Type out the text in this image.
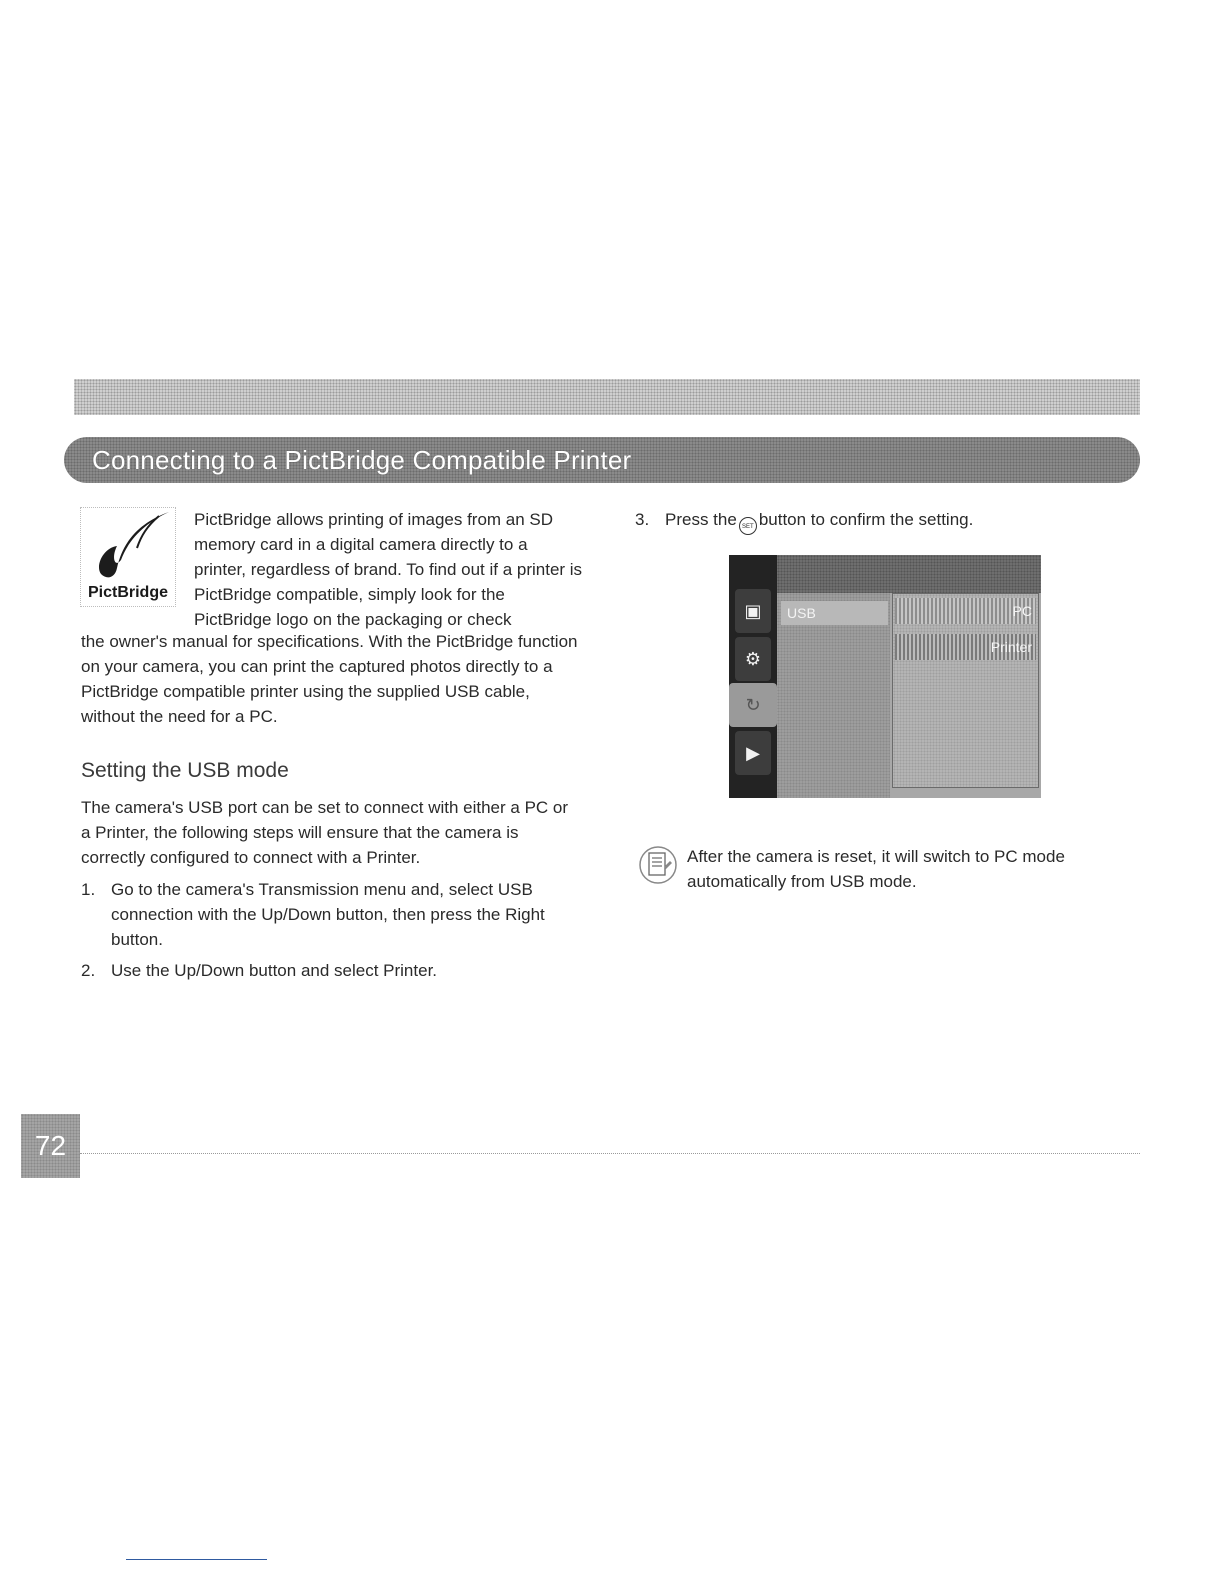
Connecting to a PictBridge Compatible Printer
PictBridge

PictBridge allows printing of images from an SD memory card in a digital camera directly to a printer, regardless of brand. To find out if a printer is PictBridge compatible, simply look for the PictBridge logo on the packaging or check

the owner's manual for specifications. With the PictBridge function on your camera, you can print the captured photos directly to a PictBridge compatible printer using the supplied USB cable, without the need for a PC.

Setting the USB mode

The camera's USB port can be set to connect with either a PC or a Printer, the following steps will ensure that the camera is correctly configured to connect with a Printer.

1. Go to the camera's Transmission menu and, select USB connection with the Up/Down button, then press the Right button.
2. Use the Up/Down button and select Printer.
3. Press the SET button to confirm the setting.
▣
⚙
↻
▶
USB	PC
Printer

After the camera is reset, it will switch to PC mode automatically from USB mode.

72
